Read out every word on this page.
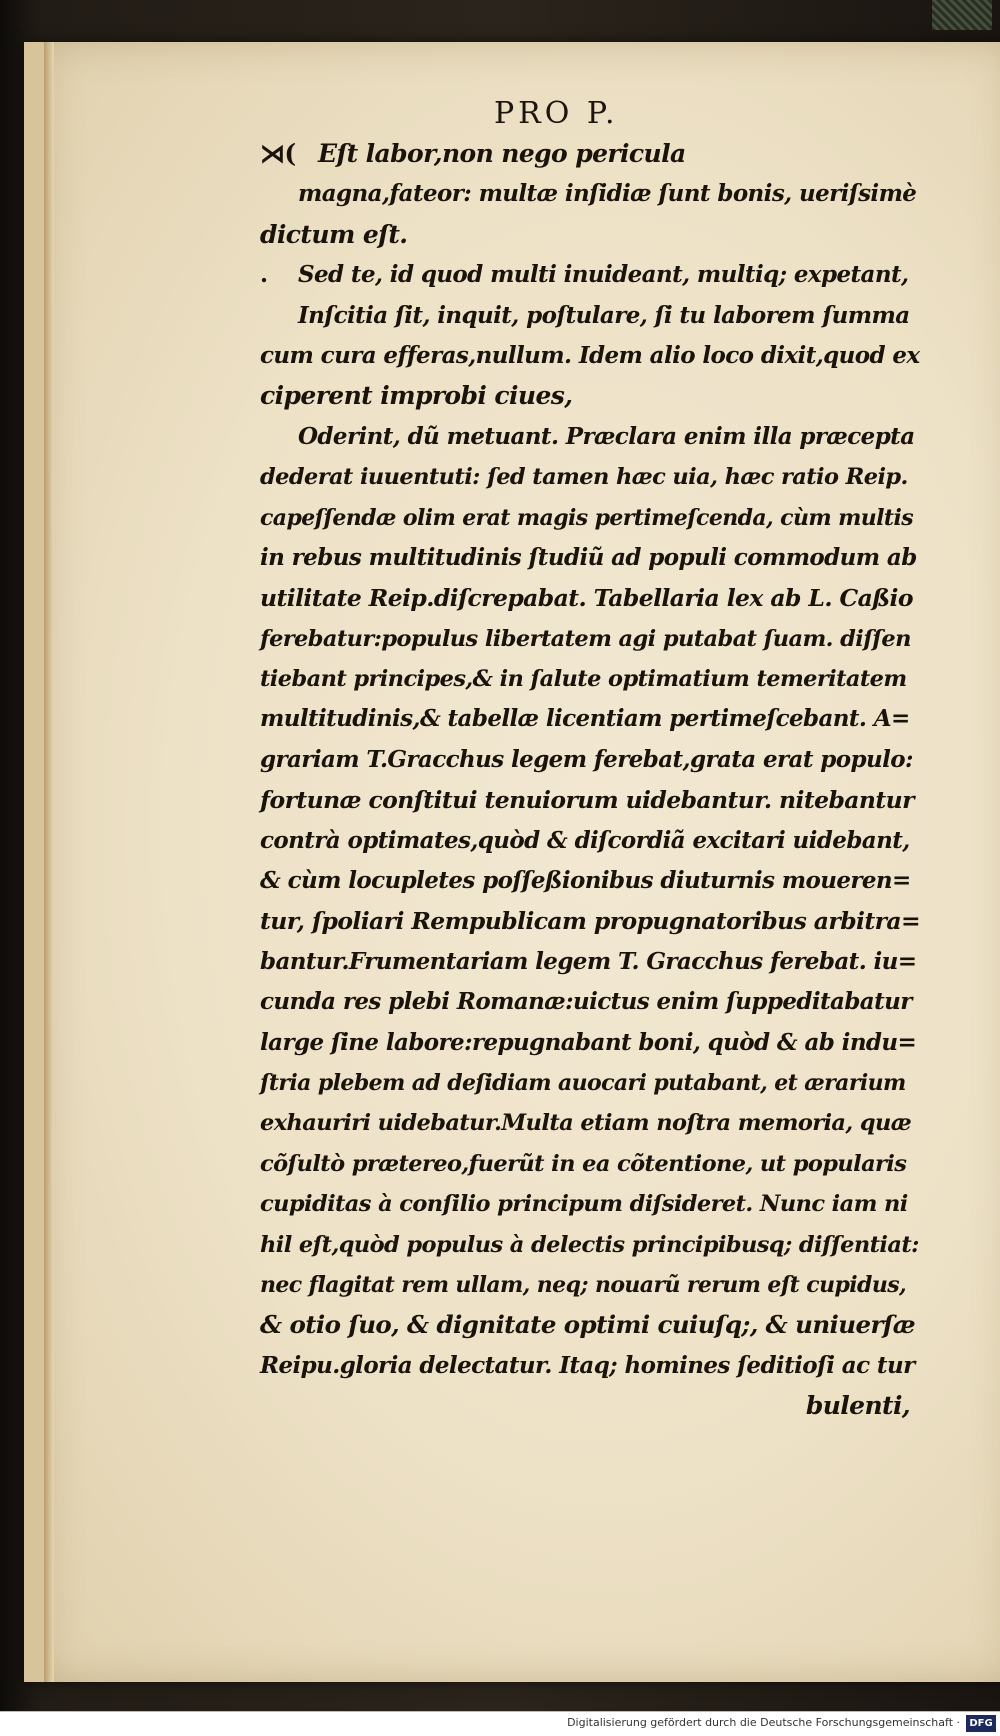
PRO P.
⋊( Eſt labor,non nego pericula
magna,fateor: multæ inſidiæ ſunt bonis, ueriſsimè
dictum eſt.
. Sed te, id quod multi inuideant, multiq; expetant,
Inſcitia ſit, inquit, poſtulare, ſi tu laborem ſumma
cum cura efferas,nullum. Idem alio loco dixit,quod ex
ciperent improbi ciues,
Oderint, dũ metuant. Præclara enim illa præcepta
dederat iuuentuti: ſed tamen hæc uia, hæc ratio Reip.
capeſſendæ olim erat magis pertimeſcenda, cùm multis
in rebus multitudinis ſtudiũ ad populi commodum ab
utilitate Reip.diſcrepabat. Tabellaria lex ab L. Caßio
ferebatur:populus libertatem agi putabat ſuam. diſſen
tiebant principes,& in ſalute optimatium temeritatem
multitudinis,& tabellæ licentiam pertimeſcebant. A=
grariam T.Gracchus legem ferebat,grata erat populo:
fortunæ conſtitui tenuiorum uidebantur. nitebantur
contrà optimates,quòd & diſcordiã excitari uidebant,
& cùm locupletes poſſeßionibus diuturnis moueren=
tur, ſpoliari Rempublicam propugnatoribus arbitra=
bantur.Frumentariam legem T. Gracchus ferebat. iu=
cunda res plebi Romanæ:uictus enim ſuppeditabatur
large ſine labore:repugnabant boni, quòd & ab indu=
ſtria plebem ad deſidiam auocari putabant, et ærarium
exhauriri uidebatur.Multa etiam noſtra memoria, quæ
cõſultò prætereo,fuerũt in ea cõtentione, ut popularis
cupiditas à conſilio principum diſsideret. Nunc iam ni
hil eſt,quòd populus à delectis principibusq; diſſentiat:
nec flagitat rem ullam, neq; nouarũ rerum eſt cupidus,
& otio ſuo, & dignitate optimi cuiuſq;, & uniuerſæ
Reipu.gloria delectatur. Itaq; homines ſeditioſi ac tur
bulenti,
Digitalisierung gefördert durch die Deutsche Forschungsgemeinschaft · DFG
